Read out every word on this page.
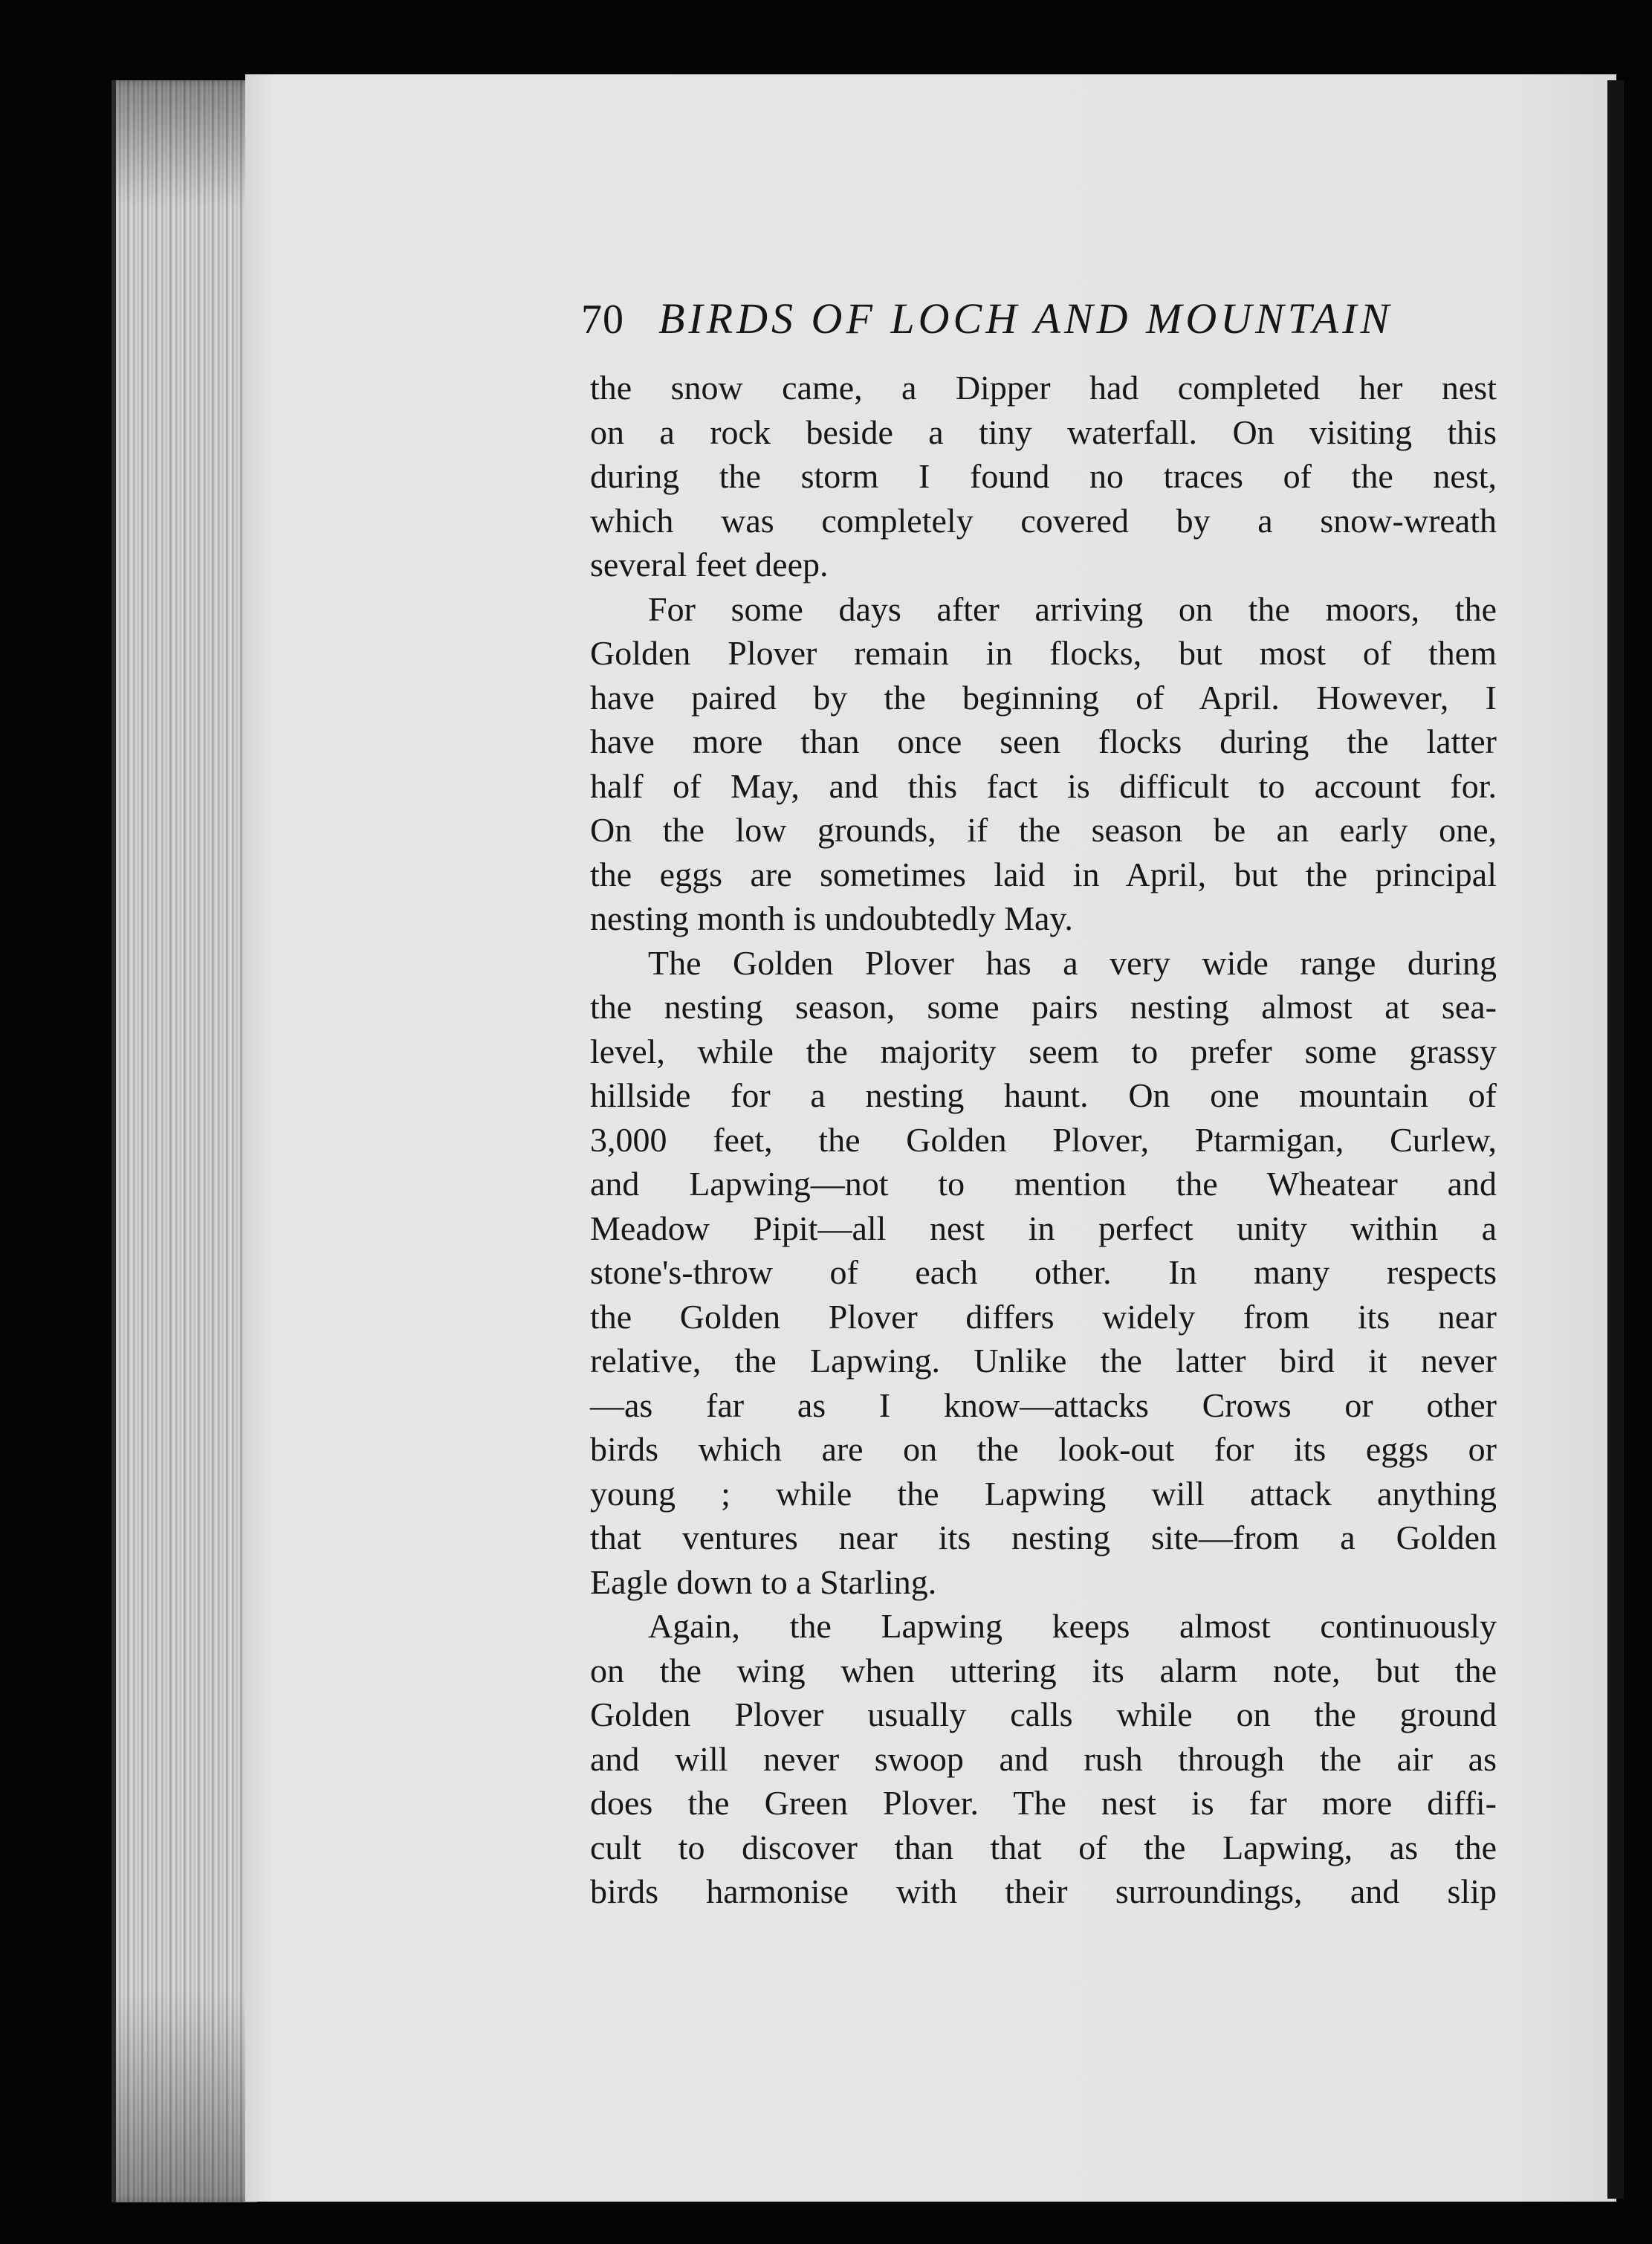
70 BIRDS OF LOCH AND MOUNTAIN
the snow came, a Dipper had completed her nest
on a rock beside a tiny waterfall. On visiting this
during the storm I found no traces of the nest,
which was completely covered by a snow-wreath
several feet deep.
For some days after arriving on the moors, the
Golden Plover remain in flocks, but most of them
have paired by the beginning of April. However, I
have more than once seen flocks during the latter
half of May, and this fact is difficult to account for.
On the low grounds, if the season be an early one,
the eggs are sometimes laid in April, but the principal
nesting month is undoubtedly May.
The Golden Plover has a very wide range during
the nesting season, some pairs nesting almost at sea-
level, while the majority seem to prefer some grassy
hillside for a nesting haunt. On one mountain of
3,000 feet, the Golden Plover, Ptarmigan, Curlew,
and Lapwing—not to mention the Wheatear and
Meadow Pipit—all nest in perfect unity within a
stone's-throw of each other. In many respects
the Golden Plover differs widely from its near
relative, the Lapwing. Unlike the latter bird it never
—as far as I know—attacks Crows or other
birds which are on the look-out for its eggs or
young ; while the Lapwing will attack anything
that ventures near its nesting site—from a Golden
Eagle down to a Starling.
Again, the Lapwing keeps almost continuously
on the wing when uttering its alarm note, but the
Golden Plover usually calls while on the ground
and will never swoop and rush through the air as
does the Green Plover. The nest is far more diffi-
cult to discover than that of the Lapwing, as the
birds harmonise with their surroundings, and slip
